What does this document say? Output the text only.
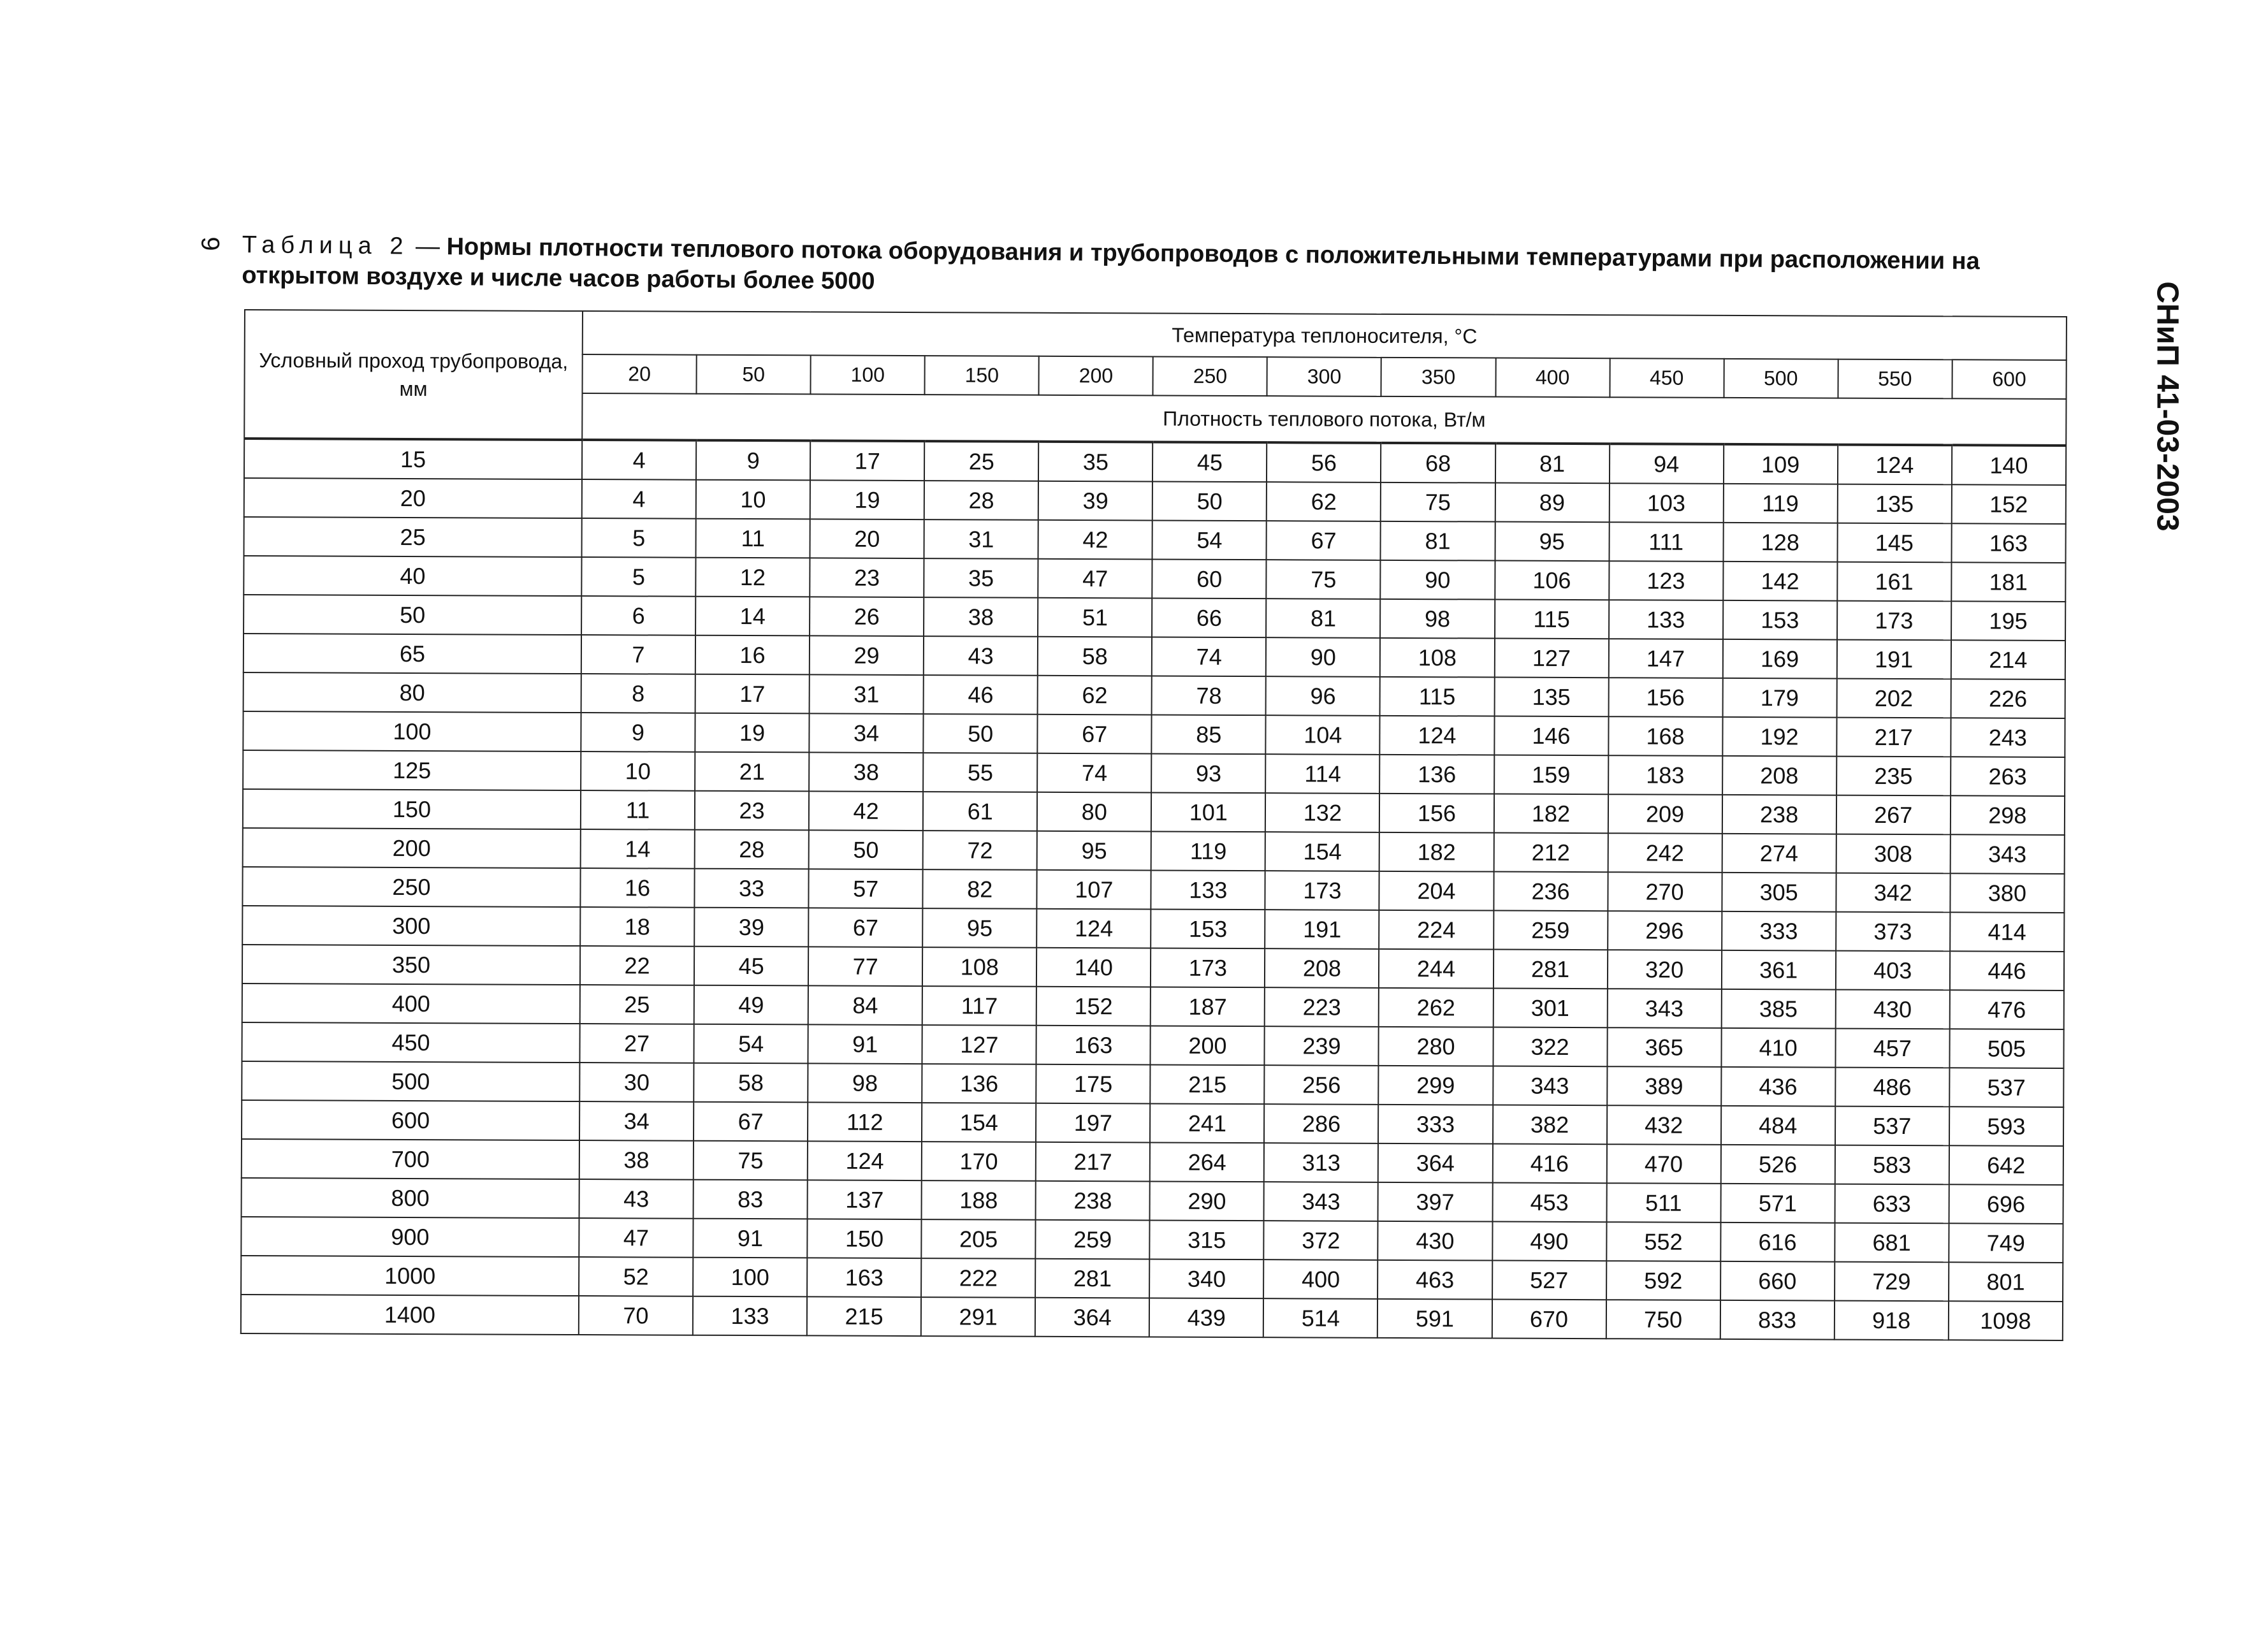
9 Таблица 2 — Нормы плотности теплового потока оборудования и трубопроводов с положительными температурами при расположении на открытом воздухе и числе часов работы более 5000
СНиП 41-03-2003
Условный проход трубопровода, мм	Температура теплоносителя, °С												
	20	50	100	150	200	250	300	350	400	450	500	550	600
	Плотность теплового потока, Вт/м												
15	4	9	17	25	35	45	56	68	81	94	109	124	140
20	4	10	19	28	39	50	62	75	89	103	119	135	152
25	5	11	20	31	42	54	67	81	95	111	128	145	163
40	5	12	23	35	47	60	75	90	106	123	142	161	181
50	6	14	26	38	51	66	81	98	115	133	153	173	195
65	7	16	29	43	58	74	90	108	127	147	169	191	214
80	8	17	31	46	62	78	96	115	135	156	179	202	226
100	9	19	34	50	67	85	104	124	146	168	192	217	243
125	10	21	38	55	74	93	114	136	159	183	208	235	263
150	11	23	42	61	80	101	132	156	182	209	238	267	298
200	14	28	50	72	95	119	154	182	212	242	274	308	343
250	16	33	57	82	107	133	173	204	236	270	305	342	380
300	18	39	67	95	124	153	191	224	259	296	333	373	414
350	22	45	77	108	140	173	208	244	281	320	361	403	446
400	25	49	84	117	152	187	223	262	301	343	385	430	476
450	27	54	91	127	163	200	239	280	322	365	410	457	505
500	30	58	98	136	175	215	256	299	343	389	436	486	537
600	34	67	112	154	197	241	286	333	382	432	484	537	593
700	38	75	124	170	217	264	313	364	416	470	526	583	642
800	43	83	137	188	238	290	343	397	453	511	571	633	696
900	47	91	150	205	259	315	372	430	490	552	616	681	749
1000	52	100	163	222	281	340	400	463	527	592	660	729	801
1400	70	133	215	291	364	439	514	591	670	750	833	918	1098
